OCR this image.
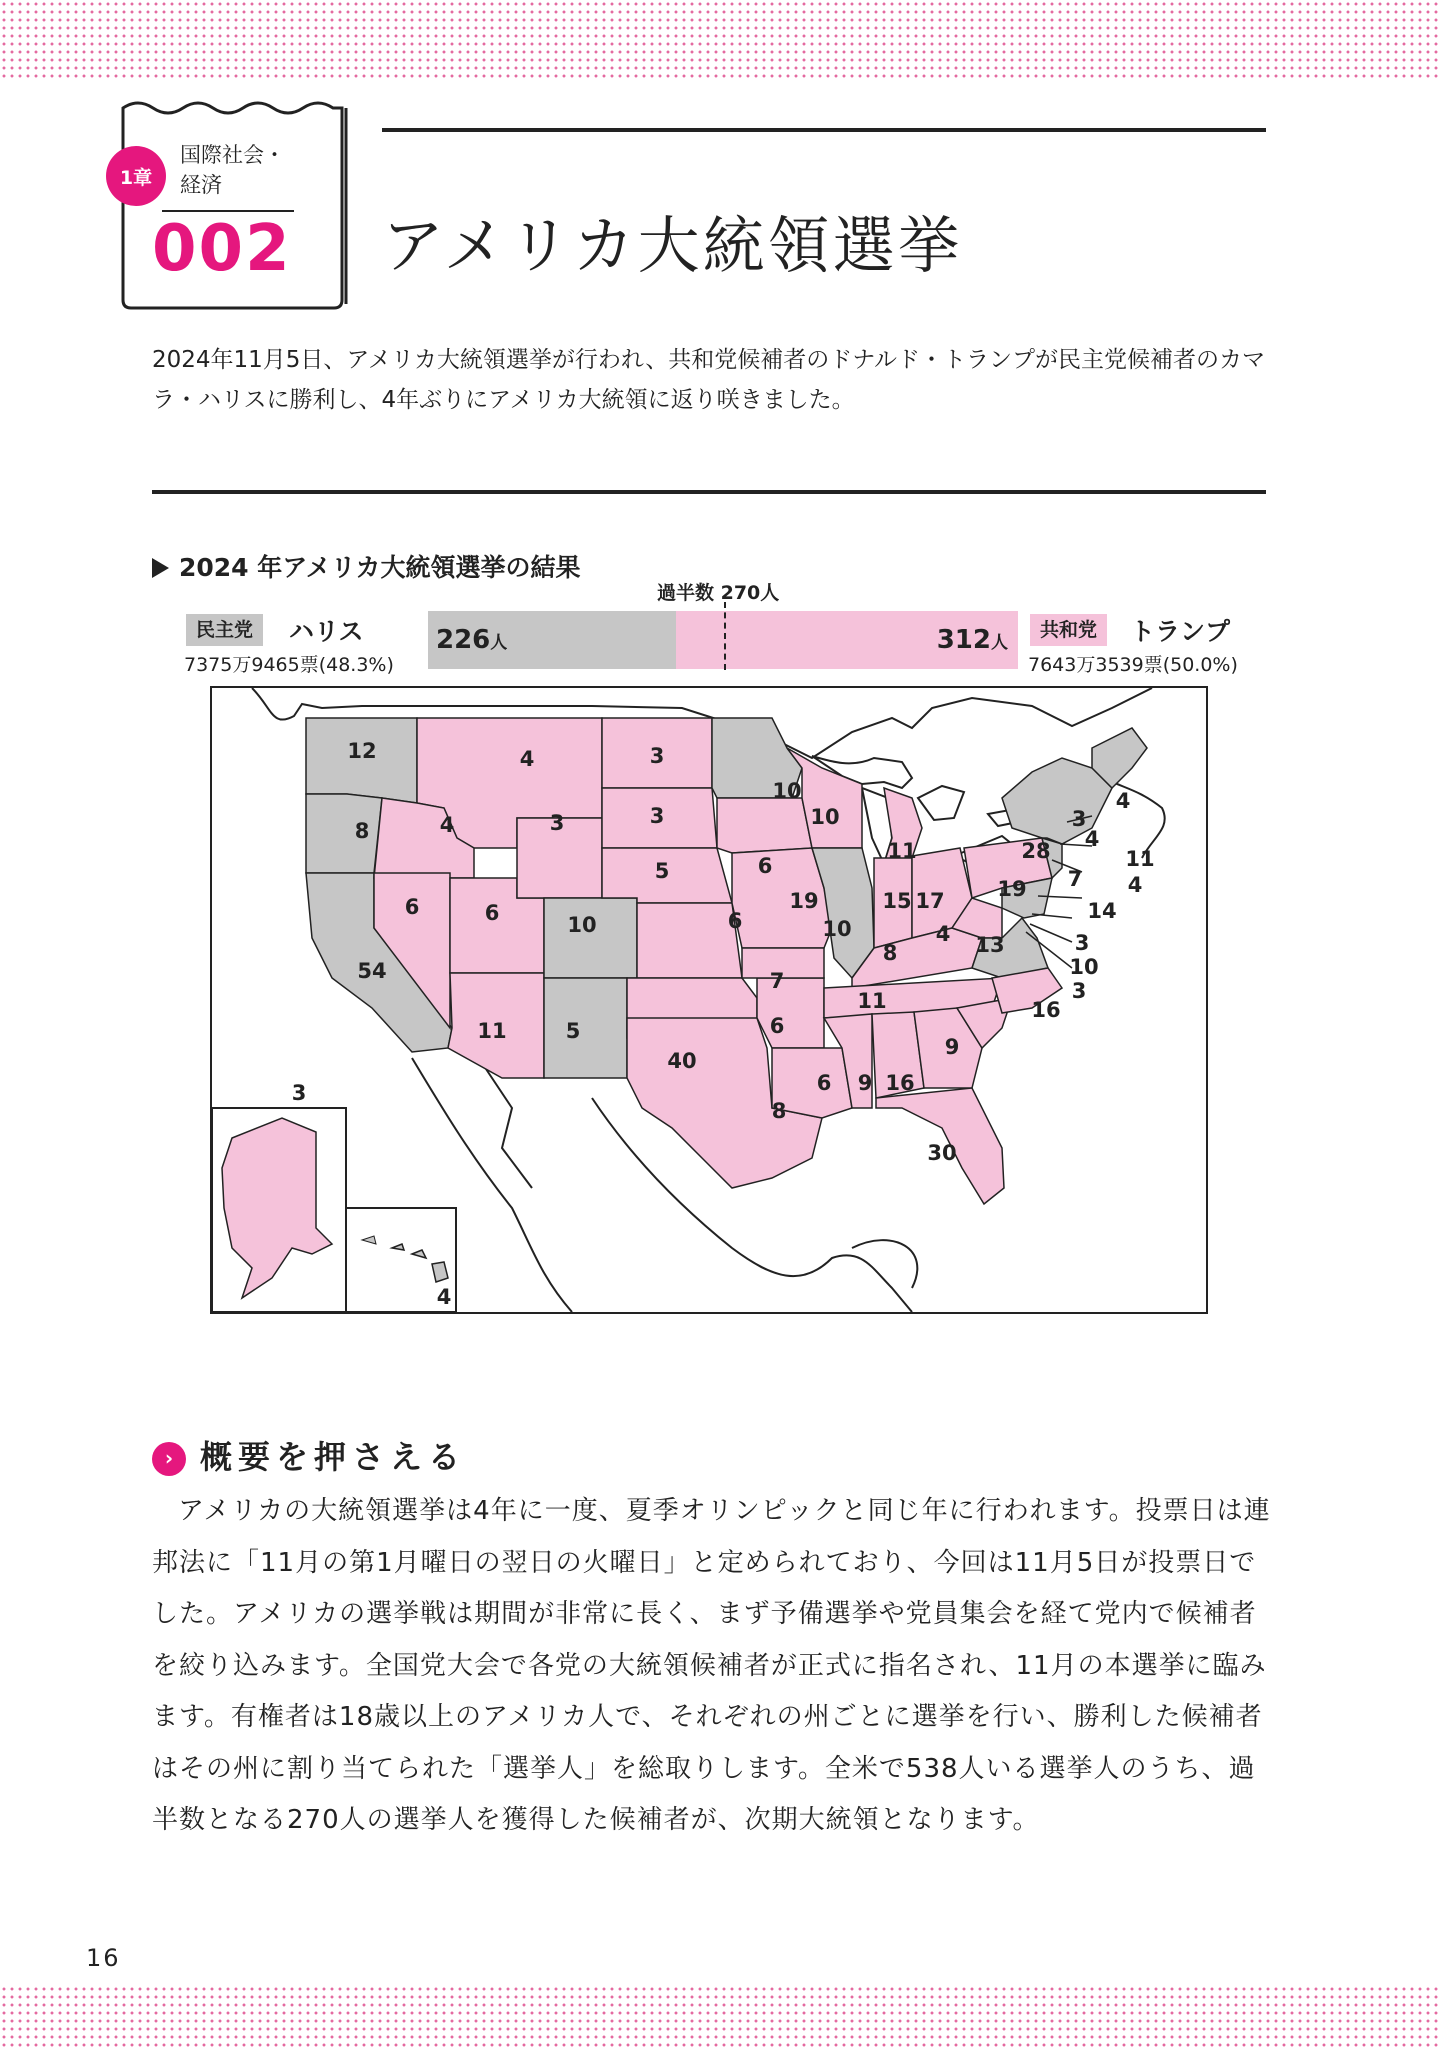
1章
国際社会・経済
002	アメリカ大統領選挙
2024年11月5日、アメリカ大統領選挙が行われ、共和党候補者のドナルド・トランプが民主党候補者のカマラ・ハリスに勝利し、4年ぶりにアメリカ大統領に返り咲きました。
2024 年アメリカ大統領選挙の結果
過半数 270人
民主党	ハリス
7375万9465票(48.3%)
226人	312人
共和党	トランプ
7643万3539票(50.0%)
12
8
54
4
4
6	6
11
3
10
5
3
3
5	6
7
40
10
6
6
8
10
19
10
11
15 17
8
11
6 9 16
30
4 13
16
9
19
28
4
3
4
11
4
14
3
10
3
3
4
7
› 概要を押さえる
アメリカの大統領選挙は4年に一度、夏季オリンピックと同じ年に行われます。投票日は連邦法に「11月の第1月曜日の翌日の火曜日」と定められており、今回は11月5日が投票日でした。アメリカの選挙戦は期間が非常に長く、まず予備選挙や党員集会を経て党内で候補者を絞り込みます。全国党大会で各党の大統領候補者が正式に指名され、11月の本選挙に臨みます。有権者は18歳以上のアメリカ人で、それぞれの州ごとに選挙を行い、勝利した候補者はその州に割り当てられた「選挙人」を総取りします。全米で538人いる選挙人のうち、過半数となる270人の選挙人を獲得した候補者が、次期大統領となります。
16
